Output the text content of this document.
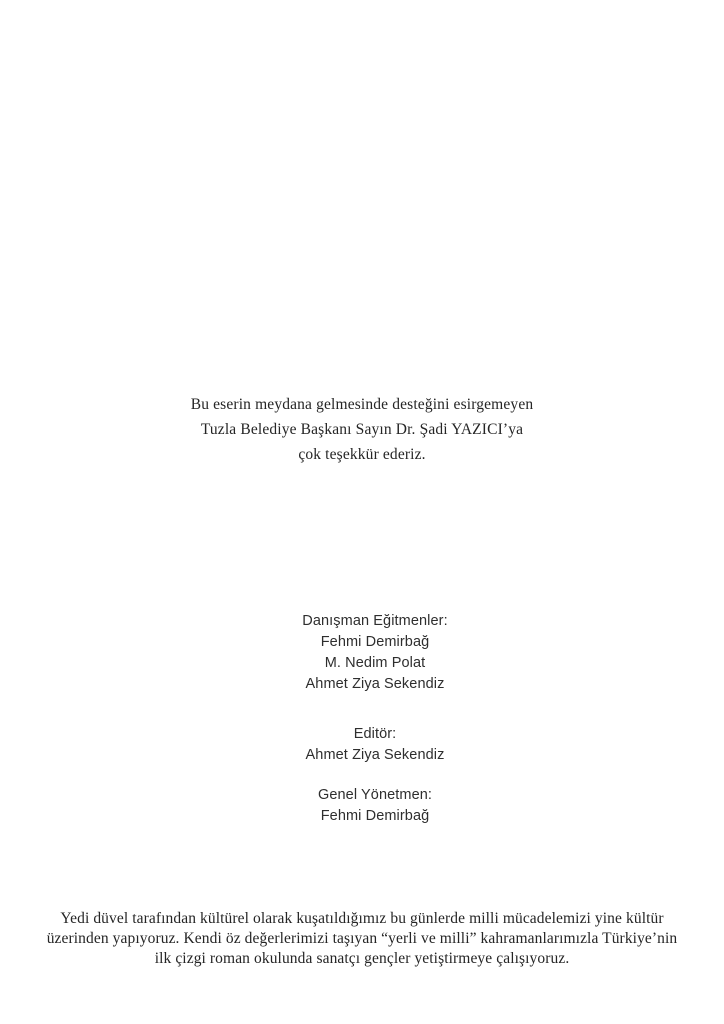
Bu eserin meydana gelmesinde desteğini esirgemeyen
Tuzla Belediye Başkanı Sayın Dr. Şadi YAZICI’ya
çok teşekkür ederiz.
Danışman Eğitmenler:
Fehmi Demirbağ
M. Nedim Polat
Ahmet Ziya Sekendiz
Editör:
Ahmet Ziya Sekendiz
Genel Yönetmen:
Fehmi Demirbağ
Yedi düvel tarafından kültürel olarak kuşatıldığımız bu günlerde milli mücadelemizi yine kültür
üzerinden yapıyoruz. Kendi öz değerlerimizi taşıyan “yerli ve milli” kahramanlarımızla Türkiye’nin
ilk çizgi roman okulunda sanatçı gençler yetiştirmeye çalışıyoruz.
